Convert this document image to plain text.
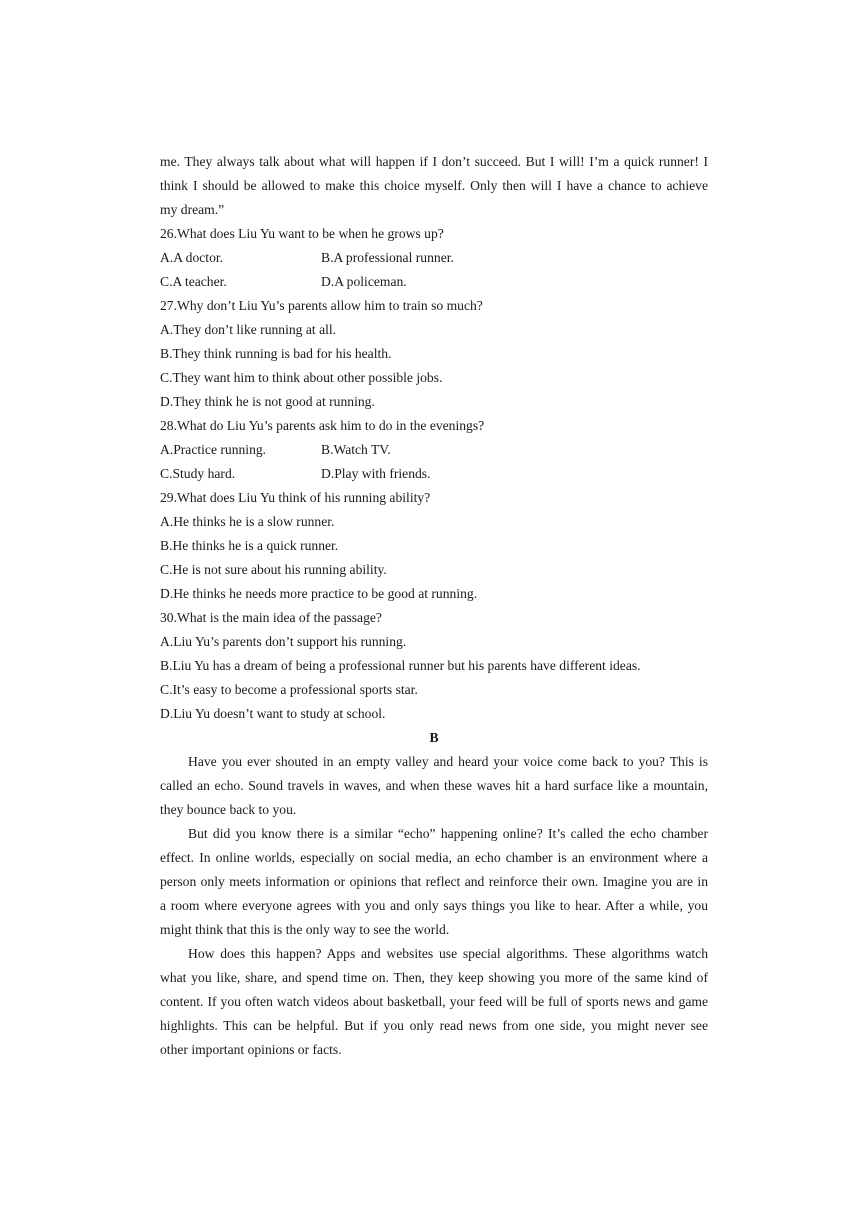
me. They always talk about what will happen if I don’t succeed. But I will! I’m a quick runner! I
think I should be allowed to make this choice myself. Only then will I have a chance to achieve
my dream.”
26.What does Liu Yu want to be when he grows up?
A.A doctor.	B.A professional runner.
C.A teacher.	D.A policeman.
27.Why don’t Liu Yu’s parents allow him to train so much?
A.They don’t like running at all.
B.They think running is bad for his health.
C.They want him to think about other possible jobs.
D.They think he is not good at running.
28.What do Liu Yu’s parents ask him to do in the evenings?
A.Practice running.	B.Watch TV.
C.Study hard.	D.Play with friends.
29.What does Liu Yu think of his running ability?
A.He thinks he is a slow runner.
B.He thinks he is a quick runner.
C.He is not sure about his running ability.
D.He thinks he needs more practice to be good at running.
30.What is the main idea of the passage?
A.Liu Yu’s parents don’t support his running.
B.Liu Yu has a dream of being a professional runner but his parents have different ideas.
C.It’s easy to become a professional sports star.
D.Liu Yu doesn’t want to study at school.
B
Have you ever shouted in an empty valley and heard your voice come back to you? This is
called an echo. Sound travels in waves, and when these waves hit a hard surface like a mountain,
they bounce back to you.
But did you know there is a similar “echo” happening online? It’s called the echo chamber
effect. In online worlds, especially on social media, an echo chamber is an environment where a
person only meets information or opinions that reflect and reinforce their own. Imagine you are in
a room where everyone agrees with you and only says things you like to hear. After a while, you
might think that this is the only way to see the world.
How does this happen? Apps and websites use special algorithms. These algorithms watch
what you like, share, and spend time on. Then, they keep showing you more of the same kind of
content. If you often watch videos about basketball, your feed will be full of sports news and game
highlights. This can be helpful. But if you only read news from one side, you might never see
other important opinions or facts.
